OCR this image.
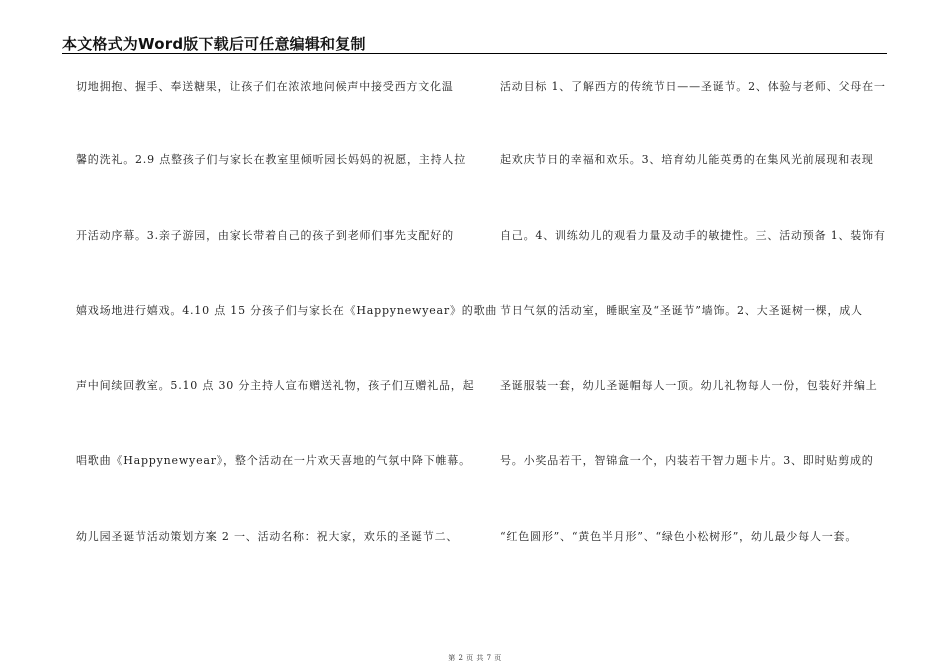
本文格式为Word版下载后可任意编辑和复制
切地拥抱、握手、奉送糖果，让孩子们在浓浓地问候声中接受西方文化温
馨的洗礼。2.9 点整孩子们与家长在教室里倾听园长妈妈的祝愿，主持人拉
开活动序幕。3.亲子游园，由家长带着自己的孩子到老师们事先支配好的
嬉戏场地进行嬉戏。4.10 点 15 分孩子们与家长在《Happynewyear》的歌曲
声中间续回教室。5.10 点 30 分主持人宣布赠送礼物，孩子们互赠礼品，起
唱歌曲《Happynewyear》，整个活动在一片欢天喜地的气氛中降下帷幕。
幼儿园圣诞节活动策划方案 2 一、活动名称：祝大家，欢乐的圣诞节二、
活动目标 1、了解西方的传统节日——圣诞节。2、体验与老师、父母在一
起欢庆节日的幸福和欢乐。3、培育幼儿能英勇的在集风光前展现和表现
自己。4、训练幼儿的观看力量及动手的敏捷性。三、活动预备 1、装饰有
节日气氛的活动室，睡眠室及“圣诞节”墙饰。2、大圣诞树一棵，成人
圣诞服装一套，幼儿圣诞帽每人一顶。幼儿礼物每人一份，包装好并编上
号。小奖品若干，智锦盒一个，内装若干智力题卡片。3、即时贴剪成的
“红色圆形”、“黄色半月形”、“绿色小松树形”，幼儿最少每人一套。
第 2 页 共 7 页
